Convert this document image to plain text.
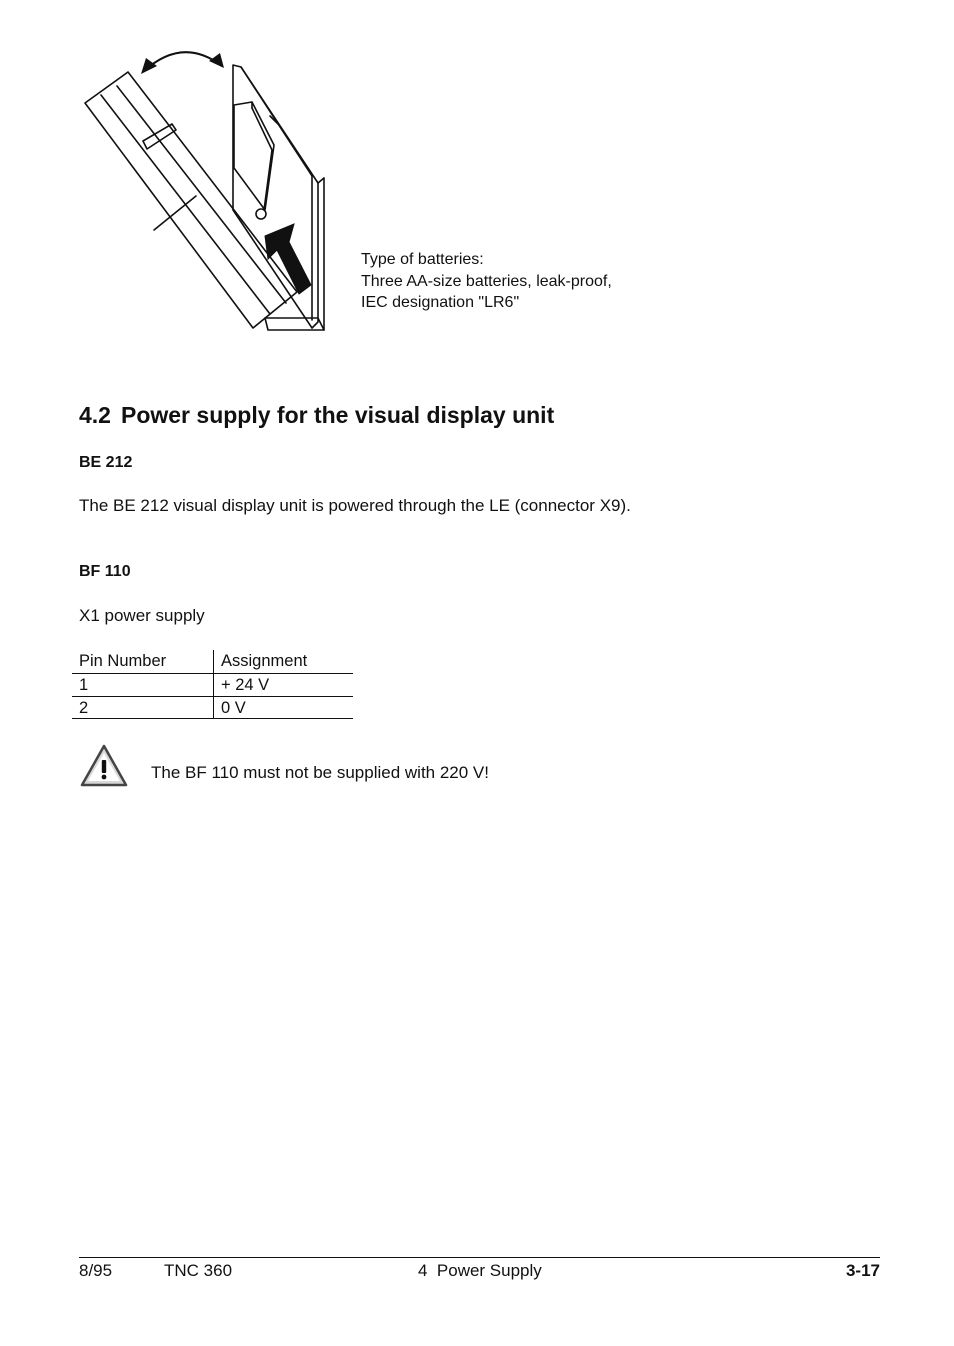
Type of batteries:
Three AA-size batteries, leak-proof,
IEC designation "LR6"
4.2 Power supply for the visual display unit
BE 212
The BE 212 visual display unit is powered through the LE (connector X9).
BF 110
X1 power supply
Pin Number	Assignment
1	+ 24 V
2	0 V
The BF 110 must not be supplied with 220 V!
8/95	TNC 360	4  Power Supply	3-17
